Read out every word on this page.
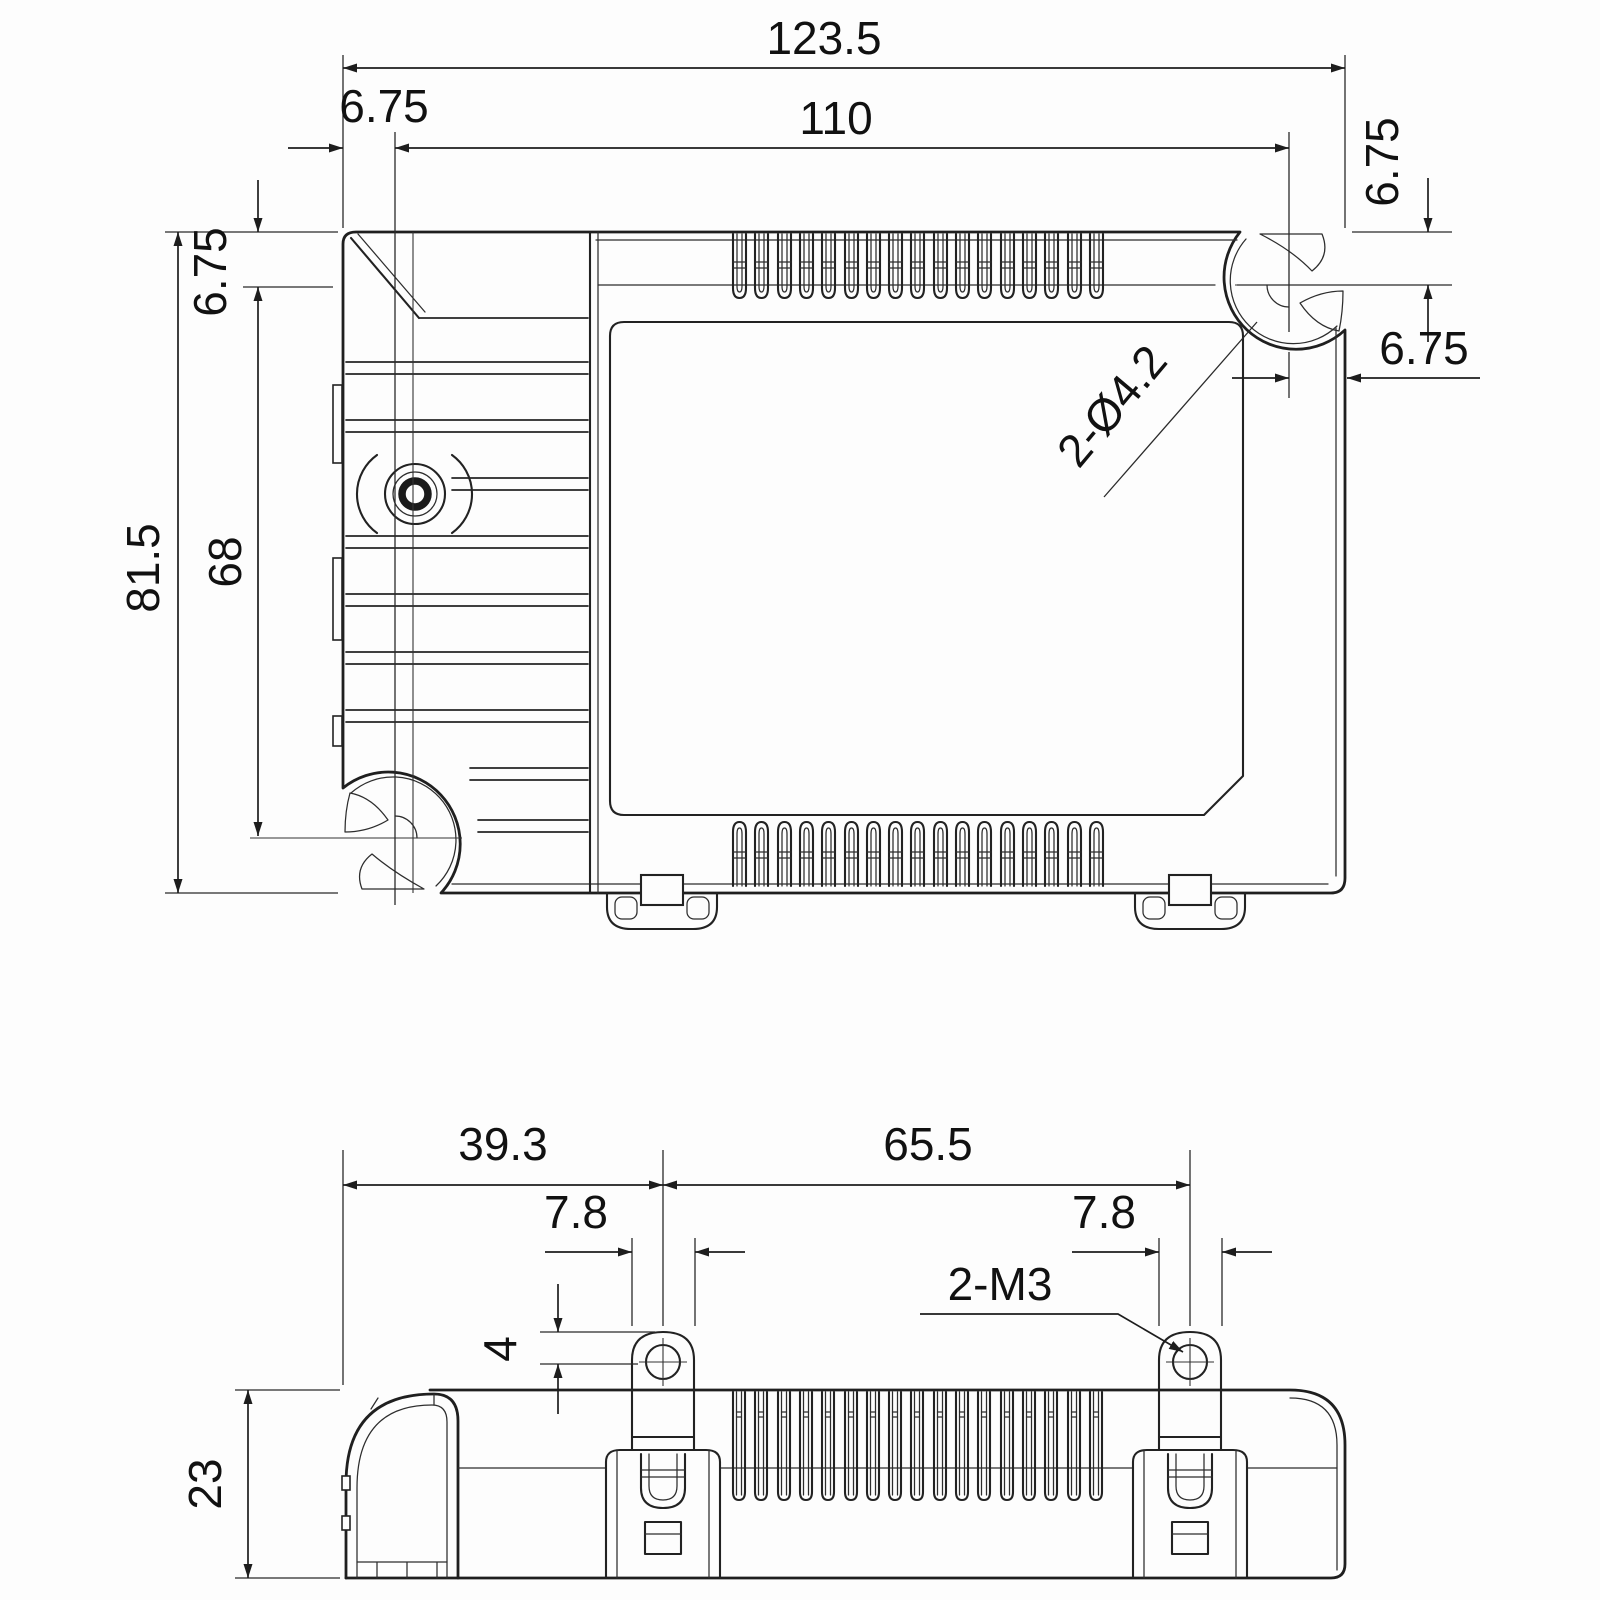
123.5
110
6.75
6.75
6.75
81.5 68
6.75
2-Ø4.2
39.3	65.5
7.8	7.8
2-M3
4
23
